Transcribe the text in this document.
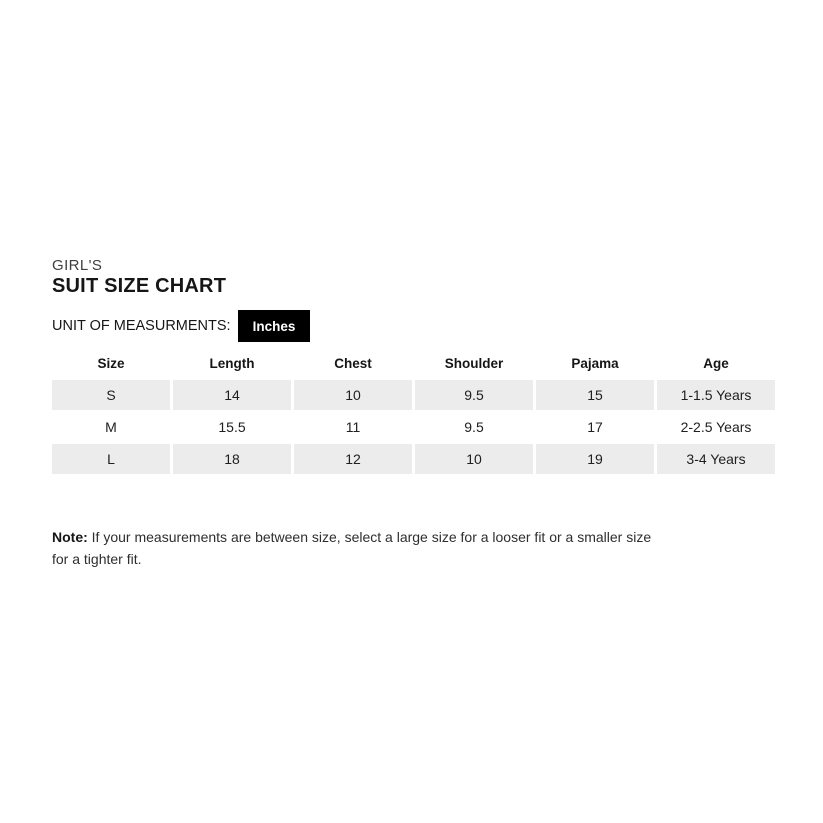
GIRL'S
SUIT SIZE CHART
UNIT OF MEASURMENTS:	Inches
Size	Length	Chest	Shoulder	Pajama	Age
S	14	10	9.5	15	1-1.5 Years
M	15.5	11	9.5	17	2-2.5 Years
L	18	12	10	19	3-4 Years

Note: If your measurements are between size, select a large size for a looser fit or a smaller size for a tighter fit.
